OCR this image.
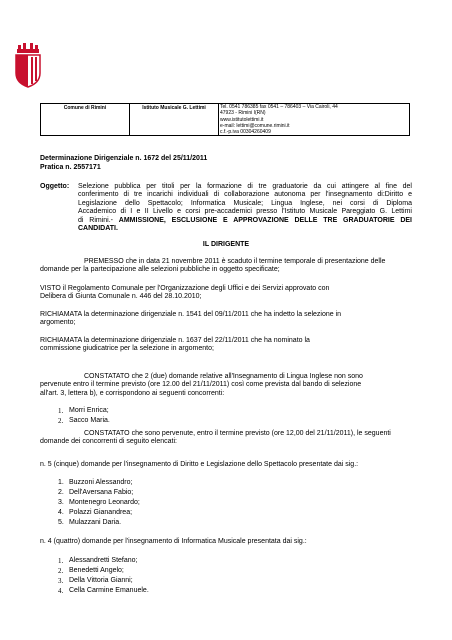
Comune di Rimini	Istituto Musicale G. Lettimi	Tel. 0541 786385 fax 0541 – 786403 – Via Cairoli, 44
47923 - Rimini I(RN)
www.istitutolettimi.it
e-mail: lettimi@comune.rimini.it
c.f.-p.iva 00304260409
Determinazione Dirigenziale n. 1672 del 25/11/2011
Pratica n. 2557171
Oggetto: Selezione pubblica per titoli per la formazione di tre graduatorie da cui attingere al fine del
conferimento di tre incarichi individuali di collaborazione autonoma per l'insegnamento di:Diritto e
Legislazione dello Spettacolo; Informatica Musicale; Lingua Inglese, nei corsi di Diploma
Accademico di I e II Livello e corsi pre-accademici presso l'Istituto Musicale Pareggiato G. Lettimi
di Rimini.- AMMISSIONE, ESCLUSIONE E APPROVAZIONE DELLE TRE GRADUATORIE DEI
CANDIDATI.
IL DIRIGENTE
PREMESSO che in data 21 novembre 2011 è scaduto il termine temporale di presentazione delle
domande per la partecipazione alle selezioni pubbliche in oggetto specificate;
VISTO il Regolamento Comunale per l'Organizzazione degli Uffici e dei Servizi approvato con
Delibera di Giunta Comunale n. 446 del 28.10.2010;
RICHIAMATA la determinazione dirigenziale n. 1541 del 09/11/2011 che ha indetto la selezione in
argomento;
RICHIAMATA la determinazione dirigenziale n. 1637 del 22/11/2011 che ha nominato la
commissione giudicatrice per la selezione in argomento;
CONSTATATO che 2 (due) domande relative all'Insegnamento di Lingua Inglese non sono
pervenute entro il termine previsto (ore 12.00 del 21/11/2011) così come prevista dal bando di selezione
all'art. 3, lettera b), e corrispondono ai seguenti concorrenti:
1. Morri Enrica;
2. Sacco Maria.
CONSTATATO che sono pervenute, entro il termine previsto (ore 12,00 del 21/11/2011), le seguenti
domande dei concorrenti di seguito elencati:
n. 5 (cinque) domande per l'insegnamento di Diritto e Legislazione dello Spettacolo presentate dai sig.:
1. Buzzoni Alessandro;
2. Dell'Aversana Fabio;
3. Montenegro Leonardo;
4. Polazzi Gianandrea;
5. Mulazzani Daria.
n. 4 (quattro) domande per l'insegnamento di Informatica Musicale presentata dai sig.:
1. Alessandretti Stefano;
2. Benedetti Angelo;
3. Della Vittoria Gianni;
4. Cella Carmine Emanuele.
